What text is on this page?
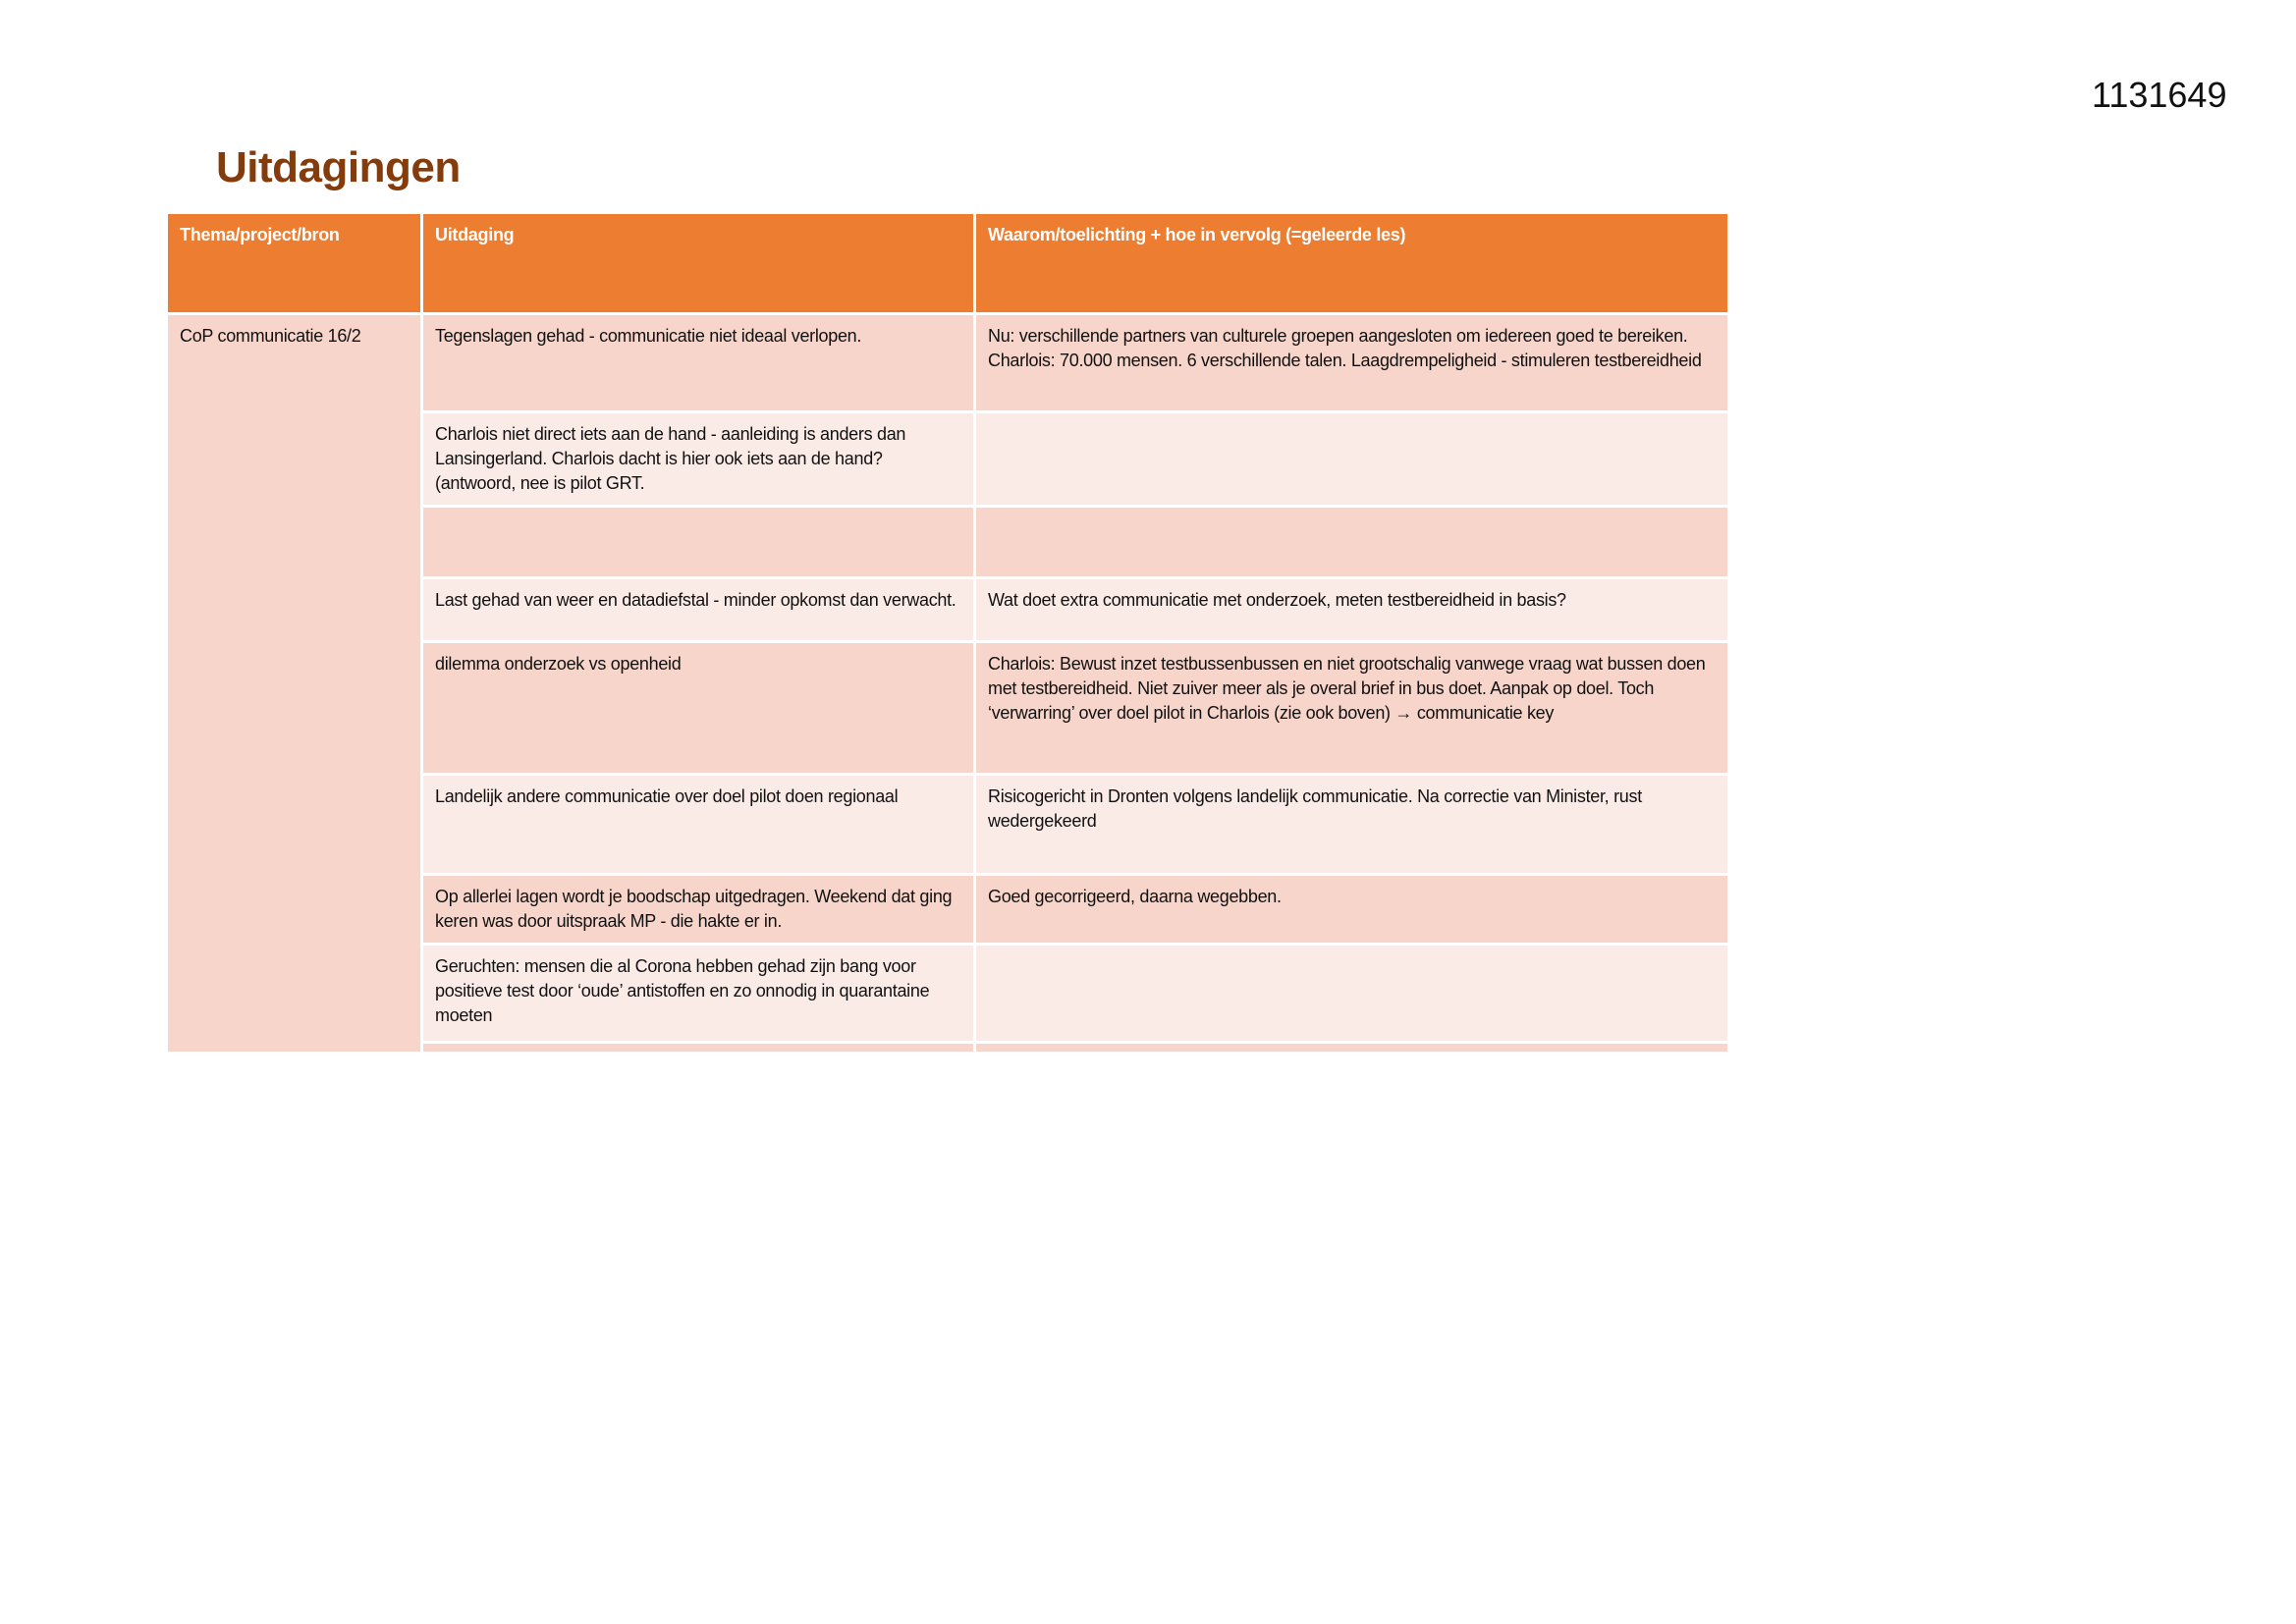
1131649
Uitdagingen
Thema/project/bron	Uitdaging	Waarom/toelichting + hoe in vervolg (=geleerde les)
CoP communicatie 16/2	Tegenslagen gehad - communicatie niet ideaal verlopen.	Nu: verschillende partners van culturele groepen aangesloten om iedereen goed te bereiken. Charlois: 70.000 mensen. 6 verschillende talen. Laagdrempeligheid - stimuleren testbereidheid
	Charlois niet direct iets aan de hand - aanleiding is anders dan Lansingerland. Charlois dacht is hier ook iets aan de hand? (antwoord, nee is pilot GRT.	

	Last gehad van weer en datadiefstal - minder opkomst dan verwacht.	Wat doet extra communicatie met onderzoek, meten testbereidheid in basis?
	dilemma onderzoek vs openheid	Charlois: Bewust inzet testbussenbussen en niet grootschalig vanwege vraag wat bussen doen met testbereidheid. Niet zuiver meer als je overal brief in bus doet. Aanpak op doel. Toch ‘verwarring’ over doel pilot in Charlois (zie ook boven) → communicatie key
	Landelijk andere communicatie over doel pilot doen regionaal	Risicogericht in Dronten volgens landelijk communicatie. Na correctie van Minister, rust wedergekeerd
	Op allerlei lagen wordt je boodschap uitgedragen. Weekend dat ging keren was door uitspraak MP - die hakte er in.	Goed gecorrigeerd, daarna wegebben.
	Geruchten: mensen die al Corona hebben gehad zijn bang voor positieve test door ‘oude’ antistoffen en zo onnodig in quarantaine moeten	
